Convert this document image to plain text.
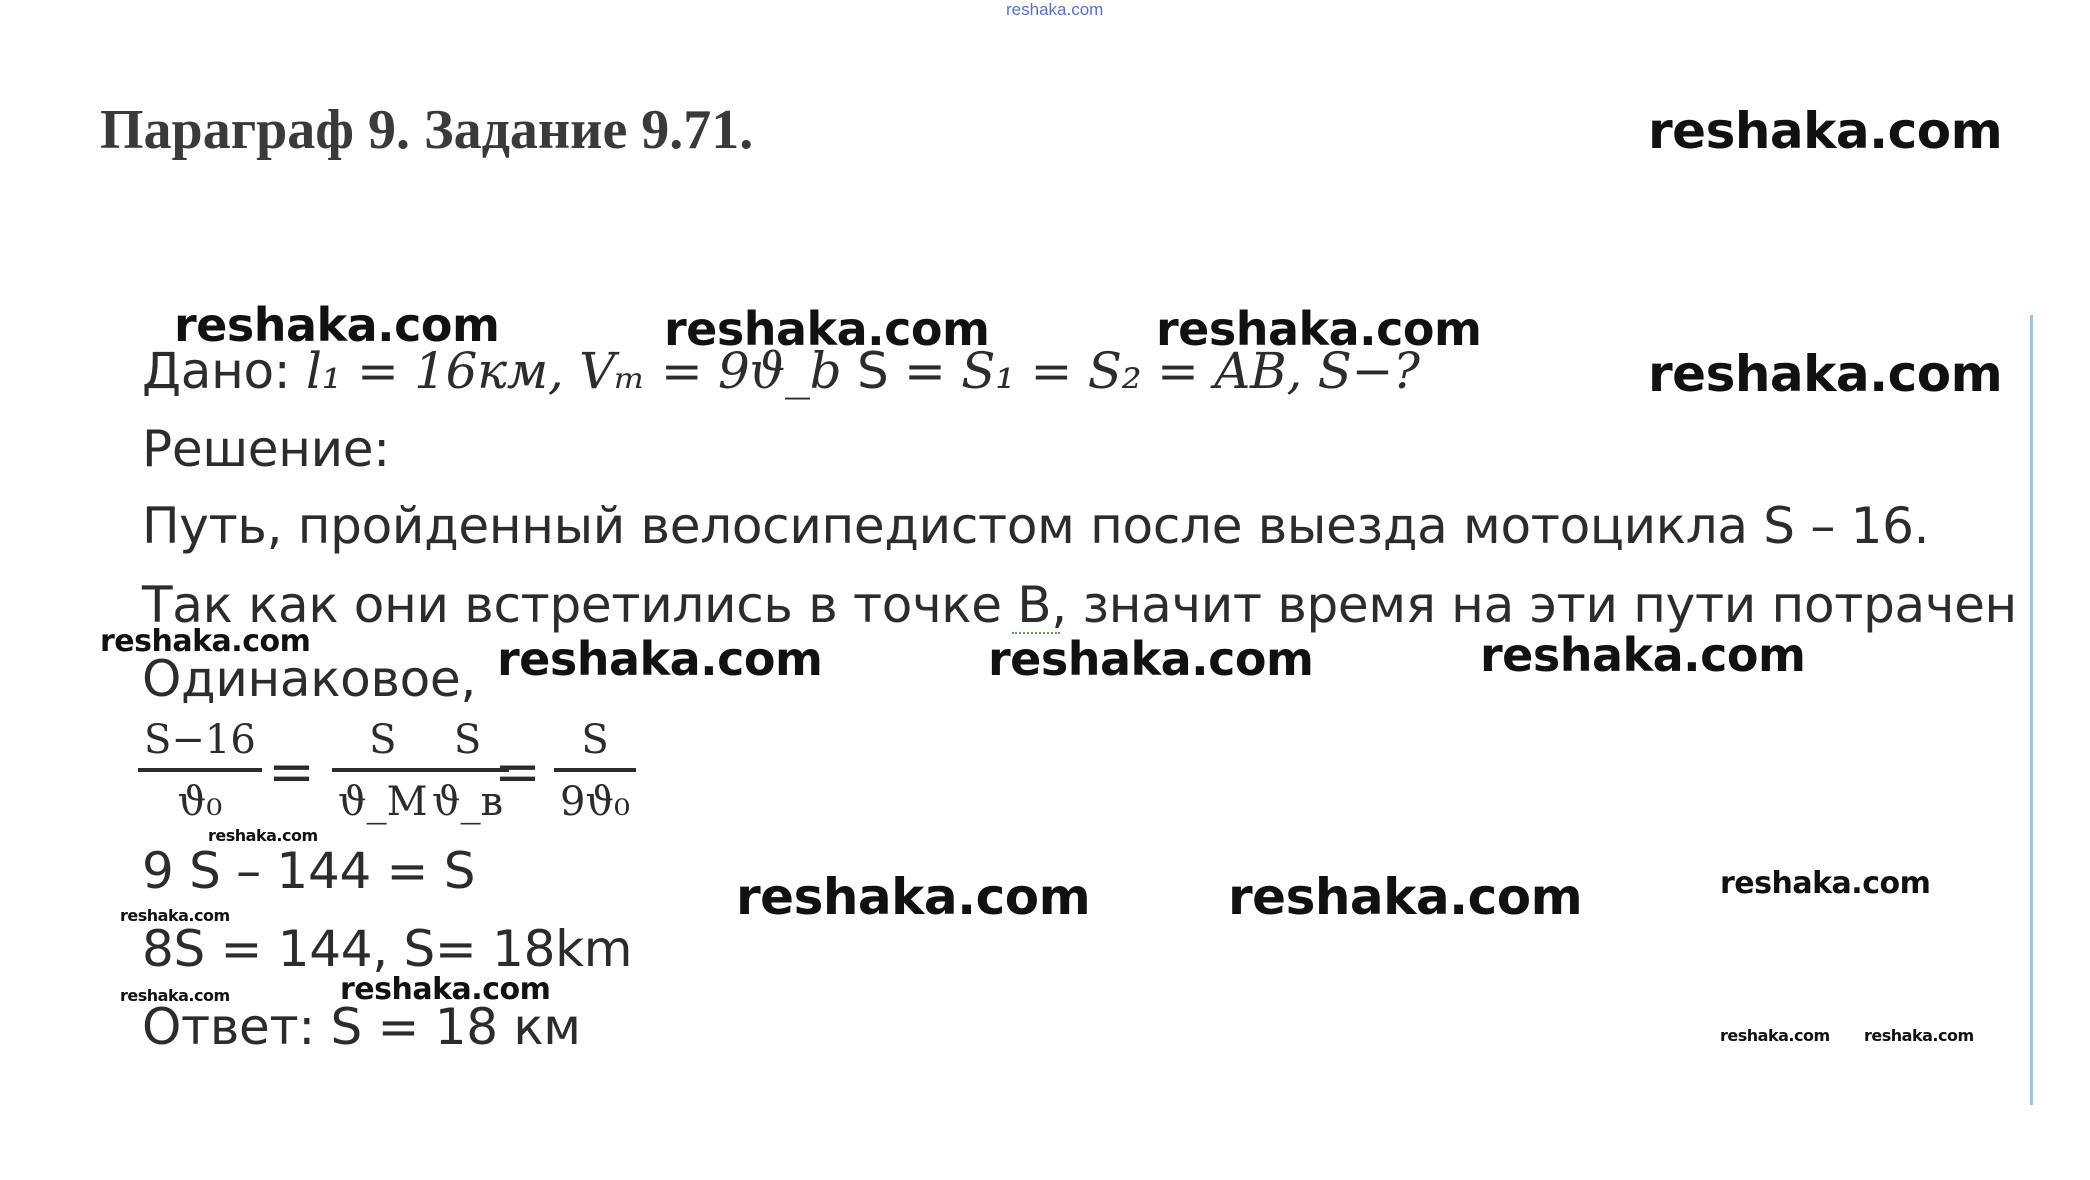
reshaka.com
Параграф 9. Задание 9.71.
Дано: l₁ = 16км, Vₘ = 9ϑ_b S = S₁ = S₂ = AB, S−?
Решение:
Путь, пройденный велосипедистом после выезда мотоцикла S – 16.
Так как они встретились в точке В, значит время на эти пути потрачен
Одинаковое,
S−16
ϑ₀ = S
ϑ_M
S
ϑ_в
= S
9ϑ₀
9 S – 144 = S
8S = 144, S= 18km
Ответ: S = 18 км
reshaka.com
reshaka.com	reshaka.com	reshaka.com
reshaka.com
reshaka.com	reshaka.com	reshaka.com	reshaka.com
reshaka.com
reshaka.com	reshaka.com	reshaka.com
reshaka.com
reshaka.com
reshaka.com
reshaka.com reshaka.com
